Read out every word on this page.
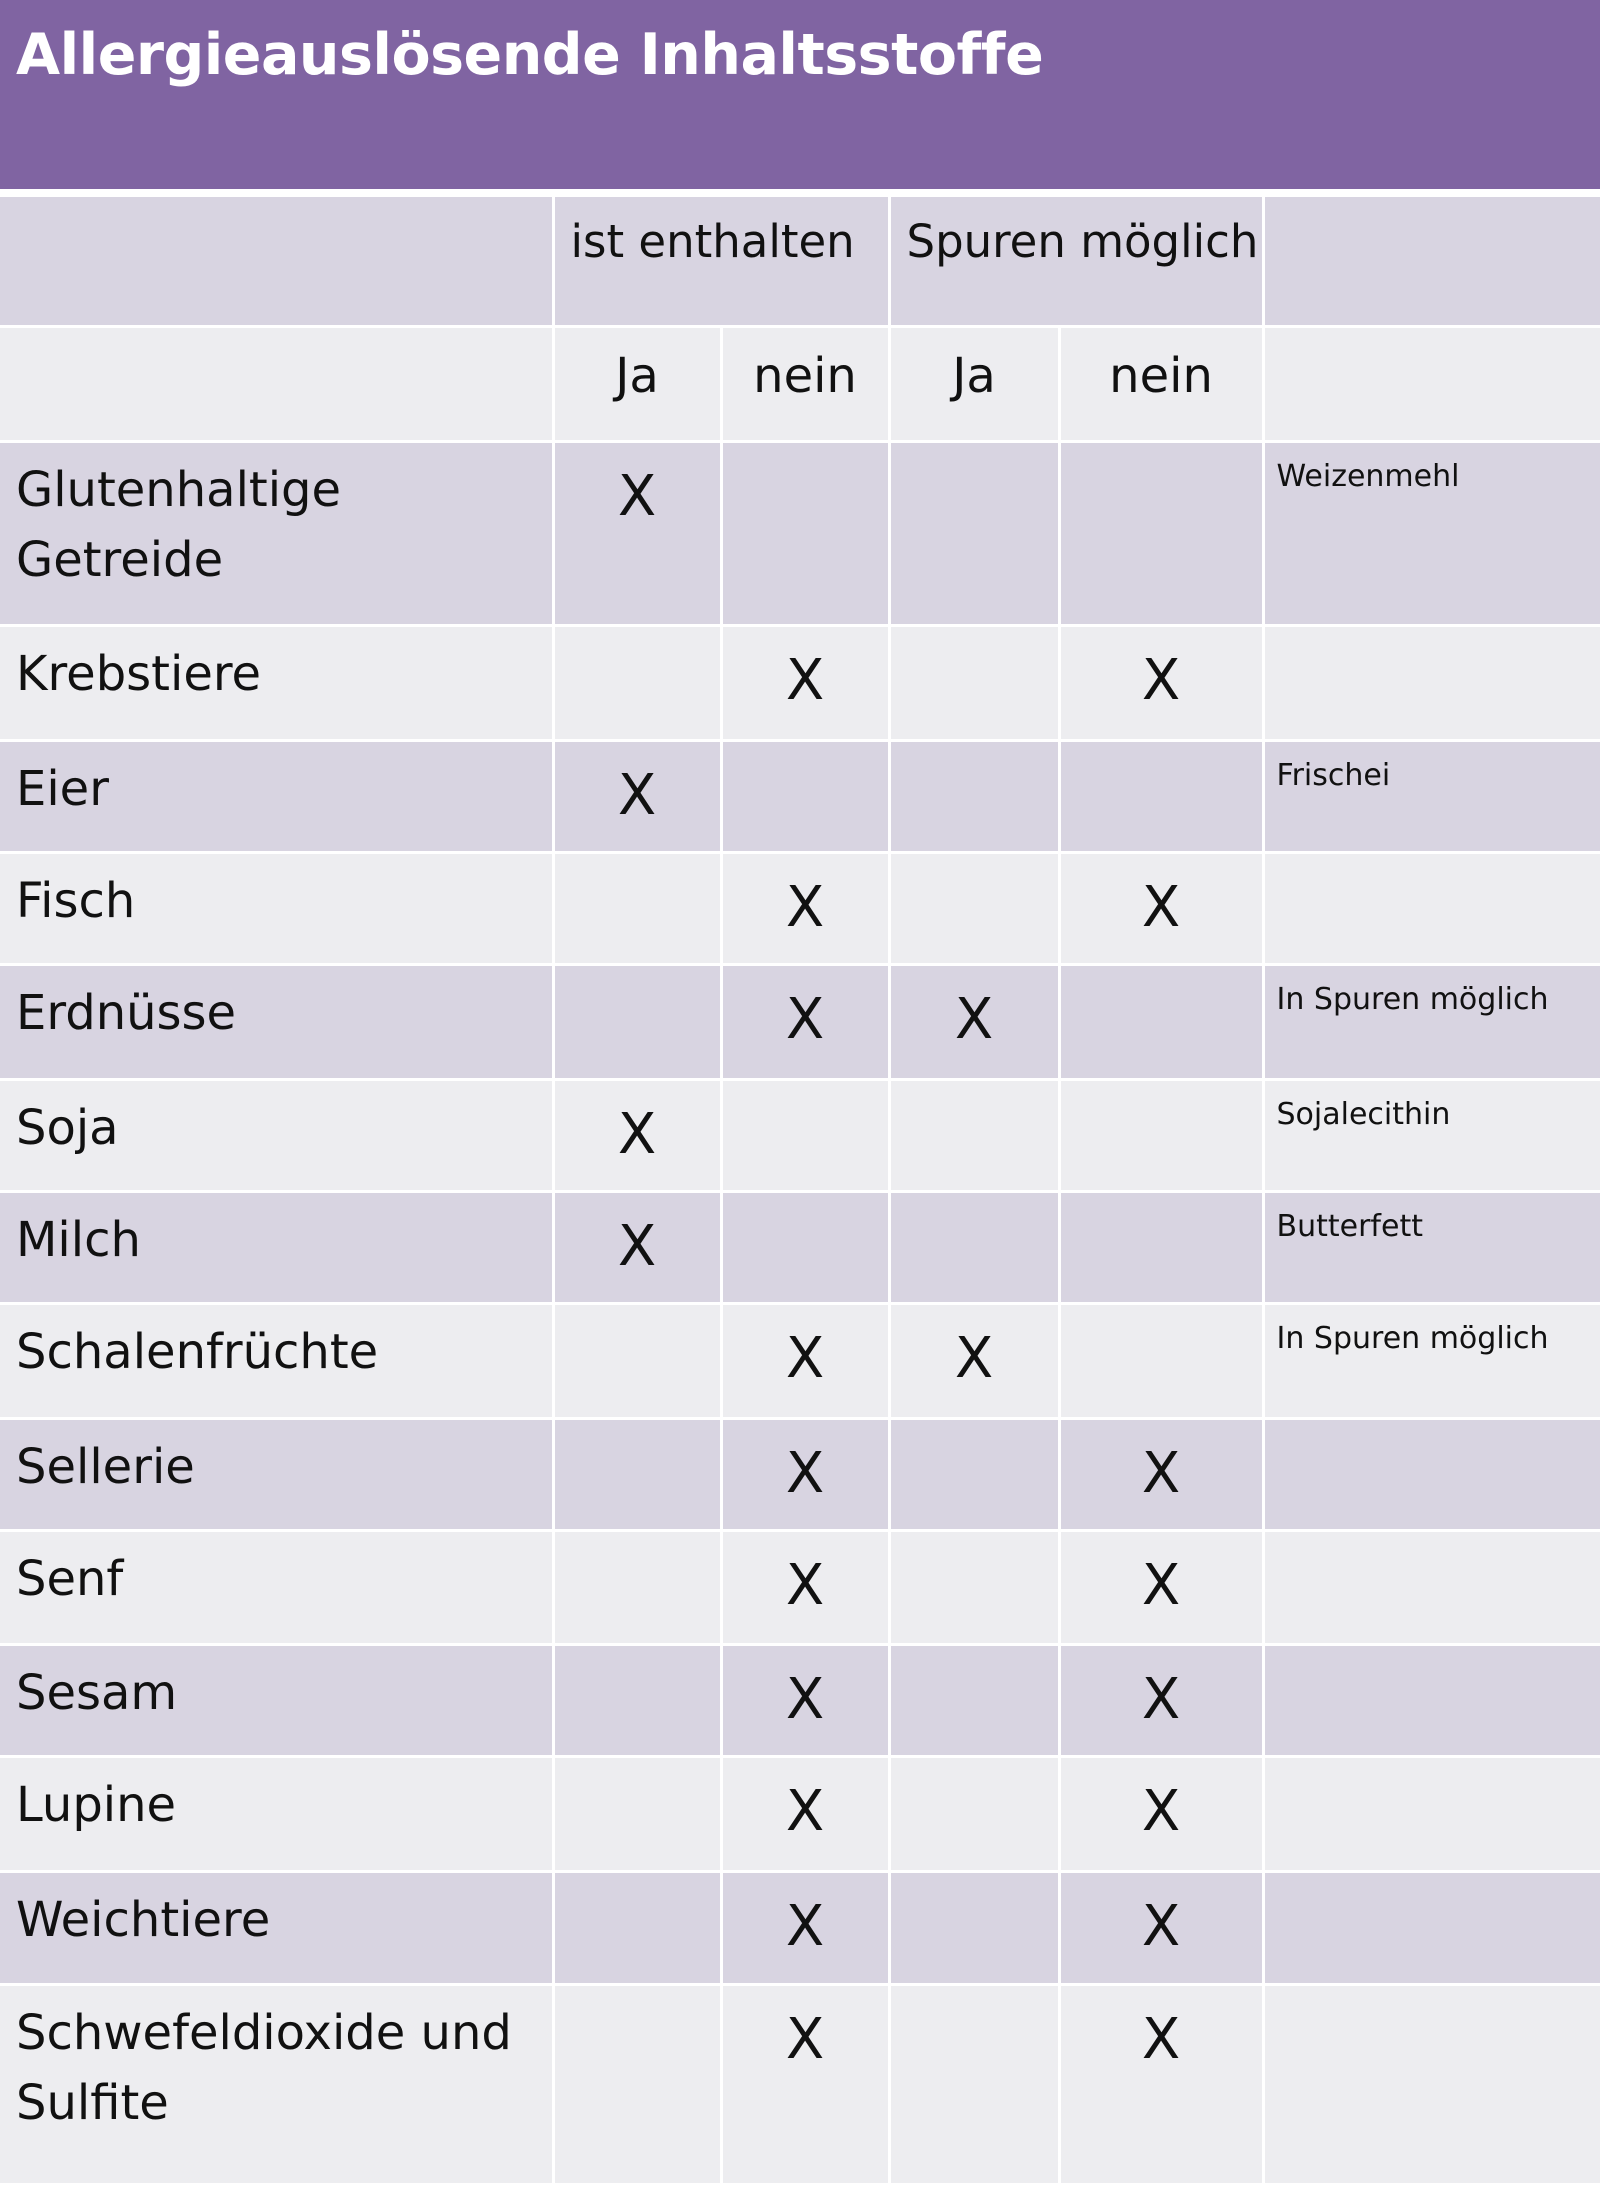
Allergieauslösende Inhaltsstoffe

	ist enthalten		Spuren möglich		

	Ja	nein	Ja	nein	

Glutenhaltige Getreide	X				Weizenmehl

Krebstiere		X		X	

Eier	X				Frischei

Fisch		X		X	

Erdnüsse		X	X		In Spuren möglich

Soja	X				Sojalecithin

Milch	X				Butterfett

Schalenfrüchte		X	X		In Spuren möglich

Sellerie		X		X	

Senf		X		X	

Sesam		X		X	

Lupine		X		X	

Weichtiere		X		X	

Schwefeldioxide und Sulfite		X		X	
